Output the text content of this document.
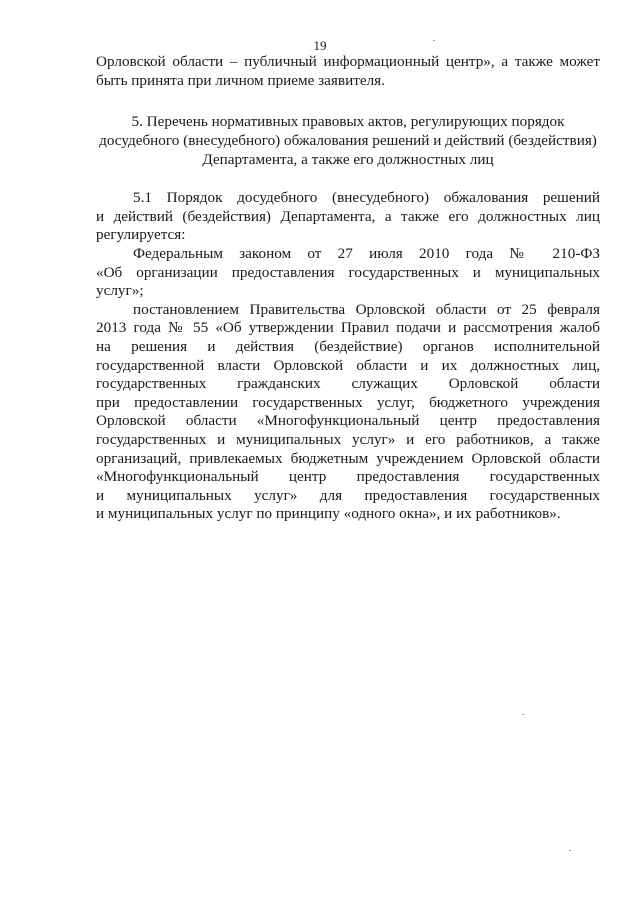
19

Орловской области – публичный информационный центр», а также может
быть принята при личном приеме заявителя.

5. Перечень нормативных правовых актов, регулирующих порядок
досудебного (внесудебного) обжалования решений и действий (бездействия)
Департамента, а также его должностных лиц

5.1 Порядок досудебного (внесудебного) обжалования решений
и действий (бездействия) Департамента, а также его должностных лиц
регулируется:

Федеральным законом от 27 июля 2010 года № 210-ФЗ
«Об организации предоставления государственных и муниципальных услуг»;

постановлением Правительства Орловской области от 25 февраля
2013 года № 55 «Об утверждении Правил подачи и рассмотрения жалоб
на решения и действия (бездействие) органов исполнительной
государственной власти Орловской области и их должностных лиц,
государственных гражданских служащих Орловской области
при предоставлении государственных услуг, бюджетного учреждения
Орловской области «Многофункциональный центр предоставления
государственных и муниципальных услуг» и его работников, а также
организаций, привлекаемых бюджетным учреждением Орловской области
«Многофункциональный центр предоставления государственных
и муниципальных услуг» для предоставления государственных
и муниципальных услуг по принципу «одного окна», и их работников».
